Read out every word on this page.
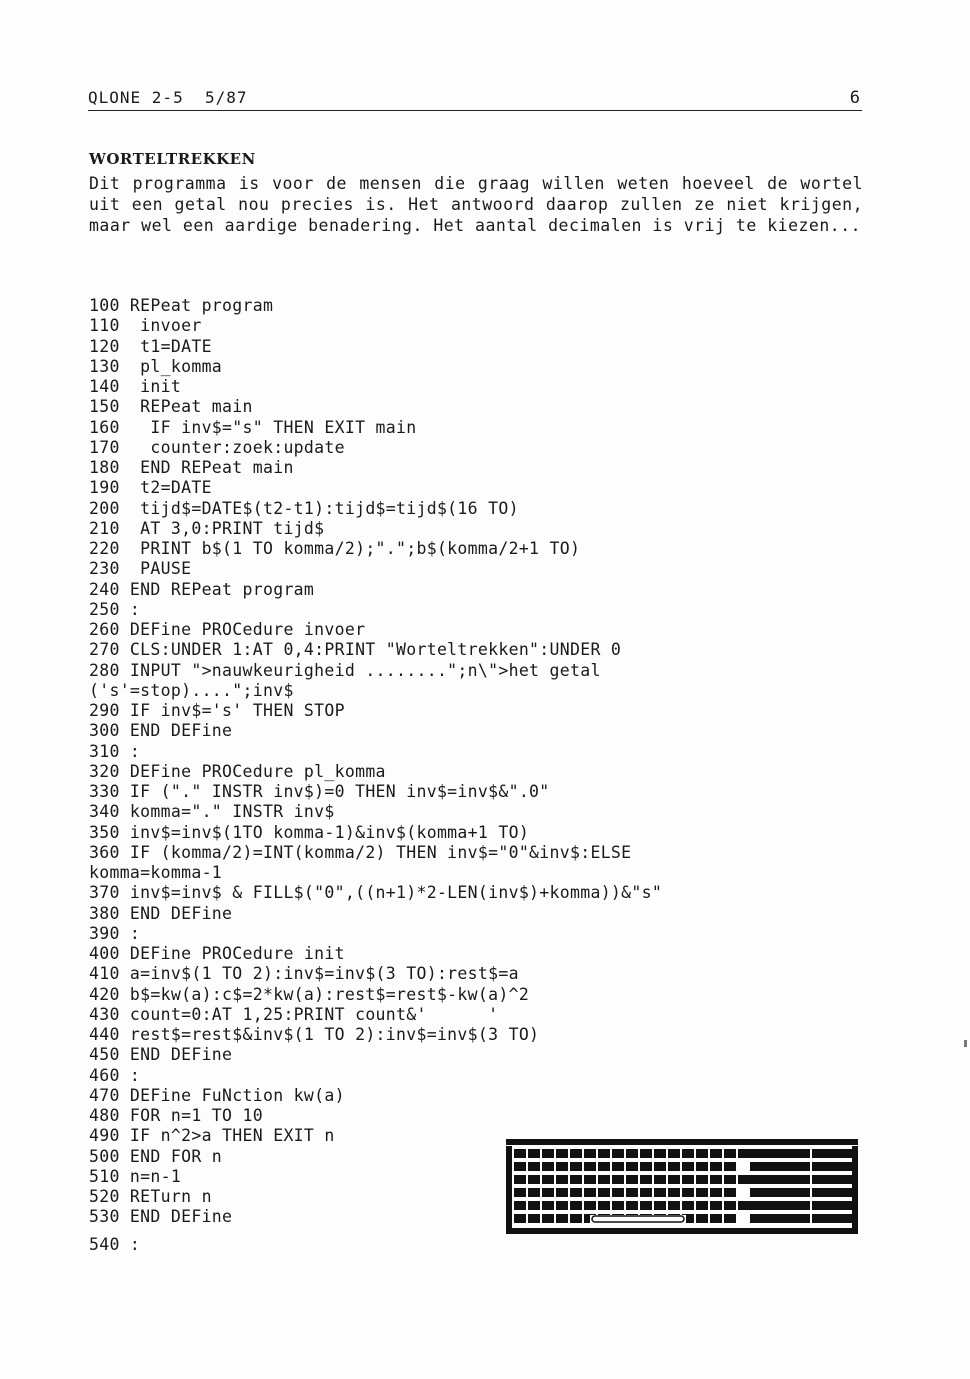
QLONE 2-5  5/87	6
WORTELTREKKEN
Dit programma is voor de mensen die graag willen weten hoeveel de wortel uit een getal nou precies is. Het antwoord daarop zullen ze niet krijgen, maar wel een aardige benadering. Het aantal decimalen is vrij te kiezen...
100 REPeat program
110  invoer
120  t1=DATE
130  pl_komma
140  init
150  REPeat main
160   IF inv$="s" THEN EXIT main
170   counter:zoek:update
180  END REPeat main
190  t2=DATE
200  tijd$=DATE$(t2-t1):tijd$=tijd$(16 TO)
210  AT 3,0:PRINT tijd$
220  PRINT b$(1 TO komma/2);".";b$(komma/2+1 TO)
230  PAUSE
240 END REPeat program
250 :
260 DEFine PROCedure invoer
270 CLS:UNDER 1:AT 0,4:PRINT "Worteltrekken":UNDER 0
280 INPUT ">nauwkeurigheid ........";n\">het getal
('s'=stop)....";inv$
290 IF inv$='s' THEN STOP
300 END DEFine
310 :
320 DEFine PROCedure pl_komma
330 IF ("." INSTR inv$)=0 THEN inv$=inv$&".0"
340 komma="." INSTR inv$
350 inv$=inv$(1TO komma-1)&inv$(komma+1 TO)
360 IF (komma/2)=INT(komma/2) THEN inv$="0"&inv$:ELSE
komma=komma-1
370 inv$=inv$ & FILL$("0",((n+1)*2-LEN(inv$)+komma))&"s"
380 END DEFine
390 :
400 DEFine PROCedure init
410 a=inv$(1 TO 2):inv$=inv$(3 TO):rest$=a
420 b$=kw(a):c$=2*kw(a):rest$=rest$-kw(a)^2
430 count=0:AT 1,25:PRINT count&'      '
440 rest$=rest$&inv$(1 TO 2):inv$=inv$(3 TO)
450 END DEFine
460 :
470 DEFine FuNction kw(a)
480 FOR n=1 TO 10
490 IF n^2>a THEN EXIT n
500 END FOR n
510 n=n-1
520 RETurn n
530 END DEFine
540 :
